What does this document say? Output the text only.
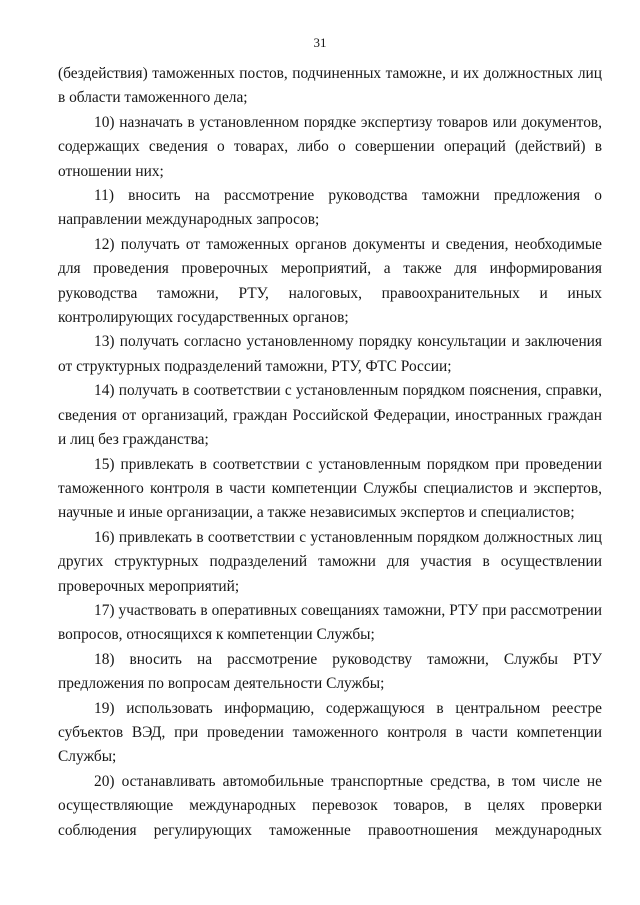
31

(бездействия) таможенных постов, подчиненных таможне, и их должностных лиц в области таможенного дела;

10) назначать в установленном порядке экспертизу товаров или документов, содержащих сведения о товарах, либо о совершении операций (действий) в отношении них;

11) вносить на рассмотрение руководства таможни предложения о направлении международных запросов;

12) получать от таможенных органов документы и сведения, необходимые для проведения проверочных мероприятий, а также для информирования руководства таможни, РТУ, налоговых, правоохранительных и иных контролирующих государственных органов;

13) получать согласно установленному порядку консультации и заключения от структурных подразделений таможни, РТУ, ФТС России;

14) получать в соответствии с установленным порядком пояснения, справки, сведения от организаций, граждан Российской Федерации, иностранных граждан и лиц без гражданства;

15) привлекать в соответствии с установленным порядком при проведении таможенного контроля в части компетенции Службы специалистов и экспертов, научные и иные организации, а также независимых экспертов и специалистов;

16) привлекать в соответствии с установленным порядком должностных лиц других структурных подразделений таможни для участия в осуществлении проверочных мероприятий;

17) участвовать в оперативных совещаниях таможни, РТУ при рассмотрении вопросов, относящихся к компетенции Службы;

18) вносить на рассмотрение руководству таможни, Службы РТУ предложения по вопросам деятельности Службы;

19) использовать информацию, содержащуюся в центральном реестре субъектов ВЭД, при проведении таможенного контроля в части компетенции Службы;

20) останавливать автомобильные транспортные средства, в том числе не осуществляющие международных перевозок товаров, в целях проверки соблюдения регулирующих таможенные правоотношения международных
